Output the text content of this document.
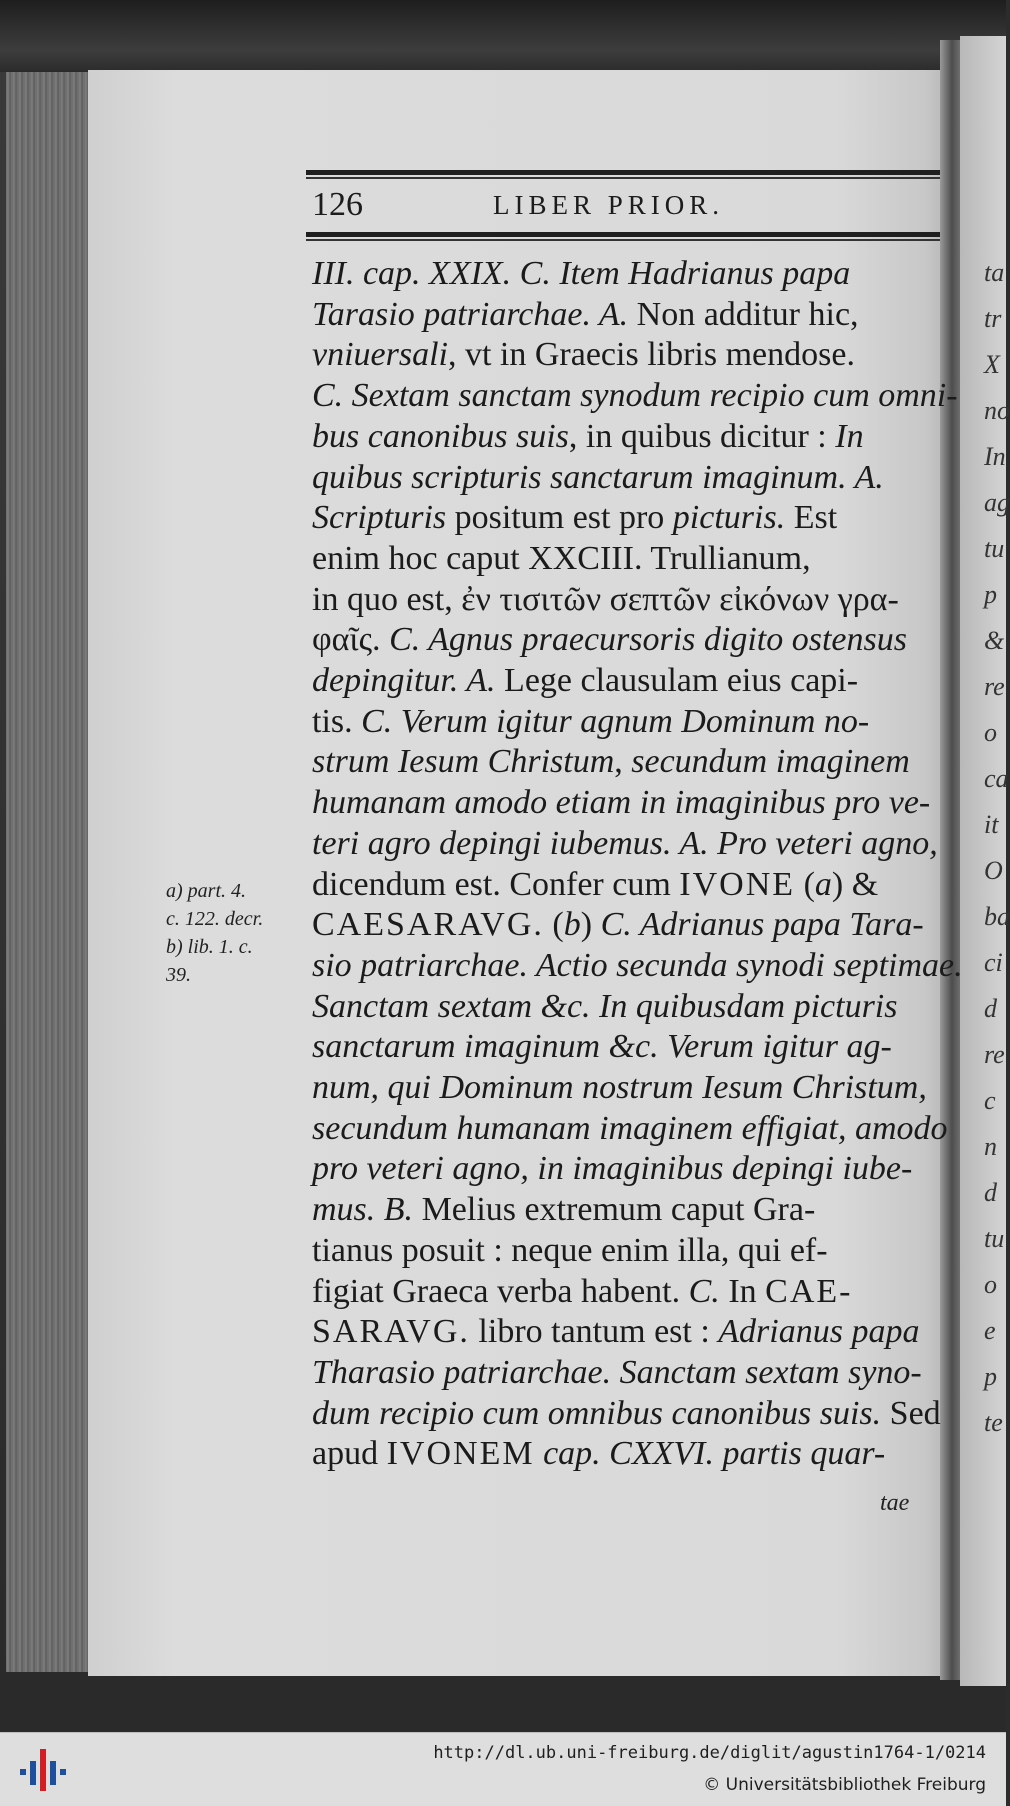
126	LIBER PRIOR.
III. cap. XXIX. C. Item Hadrianus papa
Tarasio patriarchae. A. Non additur hic,
vniuersali, vt in Graecis libris mendose.
C. Sextam sanctam synodum recipio cum omni-
bus canonibus suis, in quibus dicitur : In
quibus scripturis sanctarum imaginum. A.
Scripturis positum est pro picturis. Est
enim hoc caput XXCIII. Trullianum,
in quo est, ἐν τισιτῶν σεπτῶν εἰκόνων γρα-
φαῖς. C. Agnus praecursoris digito ostensus
depingitur. A. Lege clausulam eius capi-
tis. C. Verum igitur agnum Dominum no-
strum Iesum Christum, secundum imaginem
humanam amodo etiam in imaginibus pro ve-
teri agro depingi iubemus. A. Pro veteri agno,
dicendum est. Confer cum IVONE (a) &
CAESARAVG. (b) C. Adrianus papa Tara-
sio patriarchae. Actio secunda synodi septimae.
Sanctam sextam &c. In quibusdam picturis
sanctarum imaginum &c. Verum igitur ag-
num, qui Dominum nostrum Iesum Christum,
secundum humanam imaginem effigiat, amodo
pro veteri agno, in imaginibus depingi iube-
mus. B. Melius extremum caput Gra-
tianus posuit : neque enim illa, qui ef-
figiat Graeca verba habent. C. In CAE-
SARAVG. libro tantum est : Adrianus papa
Tharasio patriarchae. Sanctam sextam syno-
dum recipio cum omnibus canonibus suis. Sed
apud IVONEM cap. CXXVI. partis quar-
a) part. 4.
c. 122. decr.
b) lib. 1. c.
39.
tae
ta
tr
X
no
In
ag
tu
p
&
re
o
ca
it
O
ba
ci
d
re
c
n
d
tu
o
e
p
te
http://dl.ub.uni-freiburg.de/diglit/agustin1764-1/0214
© Universitätsbibliothek Freiburg
